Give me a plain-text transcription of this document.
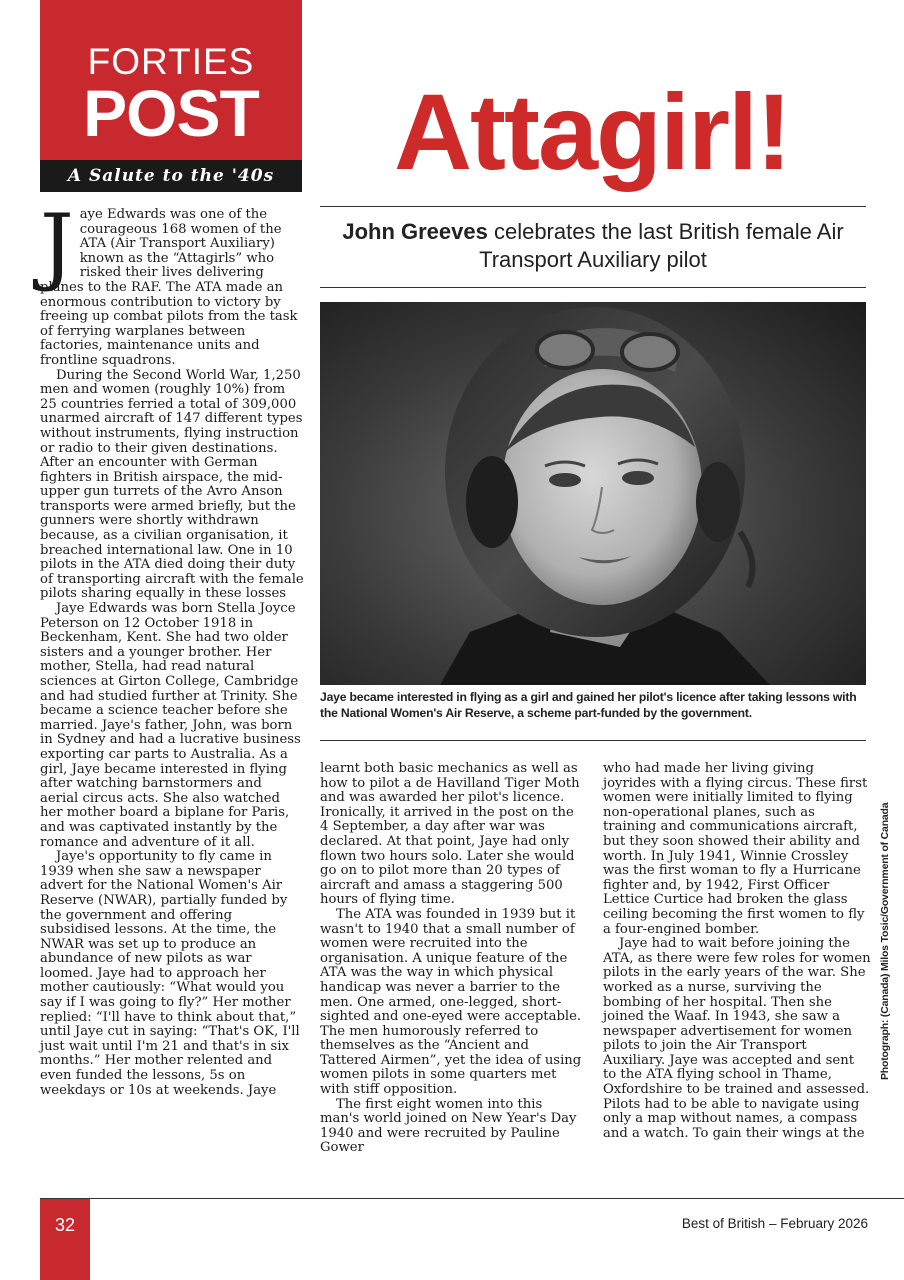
FORTIES
POST
A Salute to the '40s	Attagirl!
John Greeves celebrates the last British female Air Transport Auxiliary pilot
Jaye became interested in flying as a girl and gained her pilot's licence after taking lessons with the National Women's Air Reserve, a scheme part-funded by the government.

Jaye Edwards was one of the courageous 168 women of the ATA (Air Transport Auxiliary) known as the “Attagirls” who risked their lives delivering planes to the RAF. The ATA made an enormous contribution to victory by freeing up combat pilots from the task of ferrying warplanes between factories, maintenance units and frontline squadrons.

During the Second World War, 1,250 men and women (roughly 10%) from 25 countries ferried a total of 309,000 unarmed aircraft of 147 different types without instruments, flying instruction or radio to their given destinations. After an encounter with German fighters in British airspace, the mid-upper gun turrets of the Avro Anson transports were armed briefly, but the gunners were shortly withdrawn because, as a civilian organisation, it breached international law. One in 10 pilots in the ATA died doing their duty of transporting aircraft with the female pilots sharing equally in these losses

Jaye Edwards was born Stella Joyce Peterson on 12 October 1918 in Beckenham, Kent. She had two older sisters and a younger brother. Her mother, Stella, had read natural sciences at Girton College, Cambridge and had studied further at Trinity. She became a science teacher before she married. Jaye's father, John, was born in Sydney and had a lucrative business exporting car parts to Australia. As a girl, Jaye became interested in flying after watching barnstormers and aerial circus acts. She also watched her mother board a biplane for Paris, and was captivated instantly by the romance and adventure of it all.

Jaye's opportunity to fly came in 1939 when she saw a newspaper advert for the National Women's Air Reserve (NWAR), partially funded by the government and offering subsidised lessons. At the time, the NWAR was set up to produce an abundance of new pilots as war loomed. Jaye had to approach her mother cautiously: “What would you say if I was going to fly?” Her mother replied: “I'll have to think about that,” until Jaye cut in saying: “That's OK, I'll just wait until I'm 21 and that's in six months.” Her mother relented and even funded the lessons, 5s on weekdays or 10s at weekends. Jaye

learnt both basic mechanics as well as how to pilot a de Havilland Tiger Moth and was awarded her pilot's licence. Ironically, it arrived in the post on the 4 September, a day after war was declared. At that point, Jaye had only flown two hours solo. Later she would go on to pilot more than 20 types of aircraft and amass a staggering 500 hours of flying time.

The ATA was founded in 1939 but it wasn't to 1940 that a small number of women were recruited into the organisation. A unique feature of the ATA was the way in which physical handicap was never a barrier to the men. One armed, one-legged, short-sighted and one-eyed were acceptable. The men humorously referred to themselves as the “Ancient and Tattered Airmen”, yet the idea of using women pilots in some quarters met with stiff opposition.

The first eight women into this man's world joined on New Year's Day 1940 and were recruited by Pauline Gower

who had made her living giving joyrides with a flying circus. These first women were initially limited to flying non-operational planes, such as training and communications aircraft, but they soon showed their ability and worth. In July 1941, Winnie Crossley was the first woman to fly a Hurricane fighter and, by 1942, First Officer Lettice Curtice had broken the glass ceiling becoming the first women to fly a four-engined bomber.

Jaye had to wait before joining the ATA, as there were few roles for women pilots in the early years of the war. She worked as a nurse, surviving the bombing of her hospital. Then she joined the Waaf. In 1943, she saw a newspaper advertisement for women pilots to join the Air Transport Auxiliary. Jaye was accepted and sent to the ATA flying school in Thame, Oxfordshire to be trained and assessed. Pilots had to be able to navigate using only a map without names, a compass and a watch. To gain their wings at the

Photograph: (Canada) Milos Tosic/Government of Canada
32	Best of British – February 2026
